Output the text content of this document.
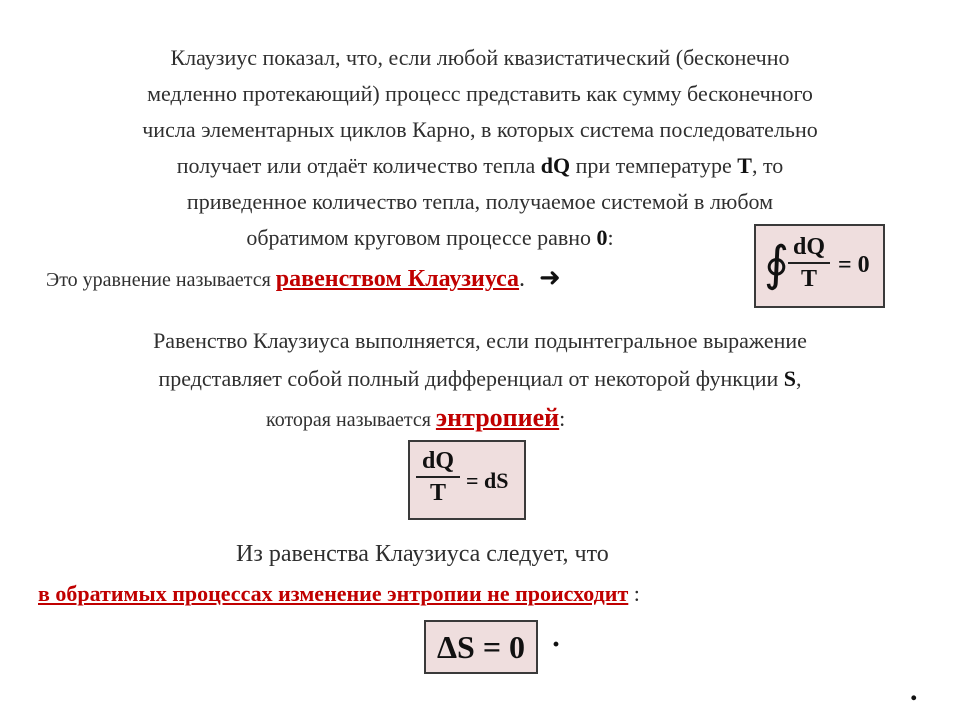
Клаузиус показал, что, если любой квазистатический (бесконечно
медленно протекающий) процесс представить как сумму бесконечного
числа элементарных циклов Карно, в которых система последовательно
получает или отдаёт количество тепла dQ при температуре T, то
приведенное количество тепла, получаемое системой в любом
обратимом круговом процессе равно 0:
Это уравнение называется равенством Клаузиуса. ➜	∮ dQ
T
= 0
Равенство Клаузиуса выполняется, если подынтегральное выражение
представляет собой полный дифференциал от некоторой функции S,
которая называется энтропией:
dQ
T = dS
Из равенства Клаузиуса следует, что
в обратимых процессах изменение энтропии не происходит :
ΔS = 0 ·
.
